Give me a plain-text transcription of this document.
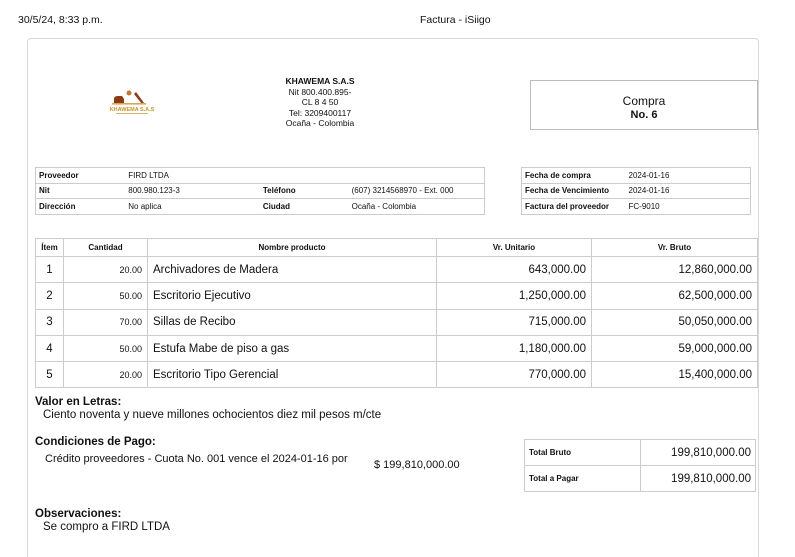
30/5/24, 8:33 p.m.	Factura - iSiigo
KHAWEMA S.A.S
KHAWEMA S.A.S
Nit 800.400.895-
CL 8 4 50
Tel: 3209400117
Ocaña - Colombia
Compra
No. 6
Proveedor	FIRD LTDA		
Nit	800.980.123-3	Teléfono	(607) 3214568970 - Ext. 000
Dirección	No aplica	Ciudad	Ocaña - Colombia
Fecha de compra	2024-01-16
Fecha de Vencimiento	2024-01-16
Factura del proveedor	FC-9010
Ítem	Cantidad	Nombre producto	Vr. Unitario	Vr. Bruto
1	20.00	Archivadores de Madera	643,000.00	12,860,000.00
2	50.00	Escritorio Ejecutivo	1,250,000.00	62,500,000.00
3	70.00	Sillas de Recibo	715,000.00	50,050,000.00
4	50.00	Estufa Mabe de piso a gas	1,180,000.00	59,000,000.00
5	20.00	Escritorio Tipo Gerencial	770,000.00	15,400,000.00
Valor en Letras:
Ciento noventa y nueve millones ochocientos diez mil pesos m/cte
Condiciones de Pago:
Crédito proveedores - Cuota No. 001 vence el 2024-01-16 por	$ 199,810,000.00
Total Bruto	199,810,000.00
Total a Pagar	199,810,000.00
Observaciones:
Se compro a FIRD LTDA
